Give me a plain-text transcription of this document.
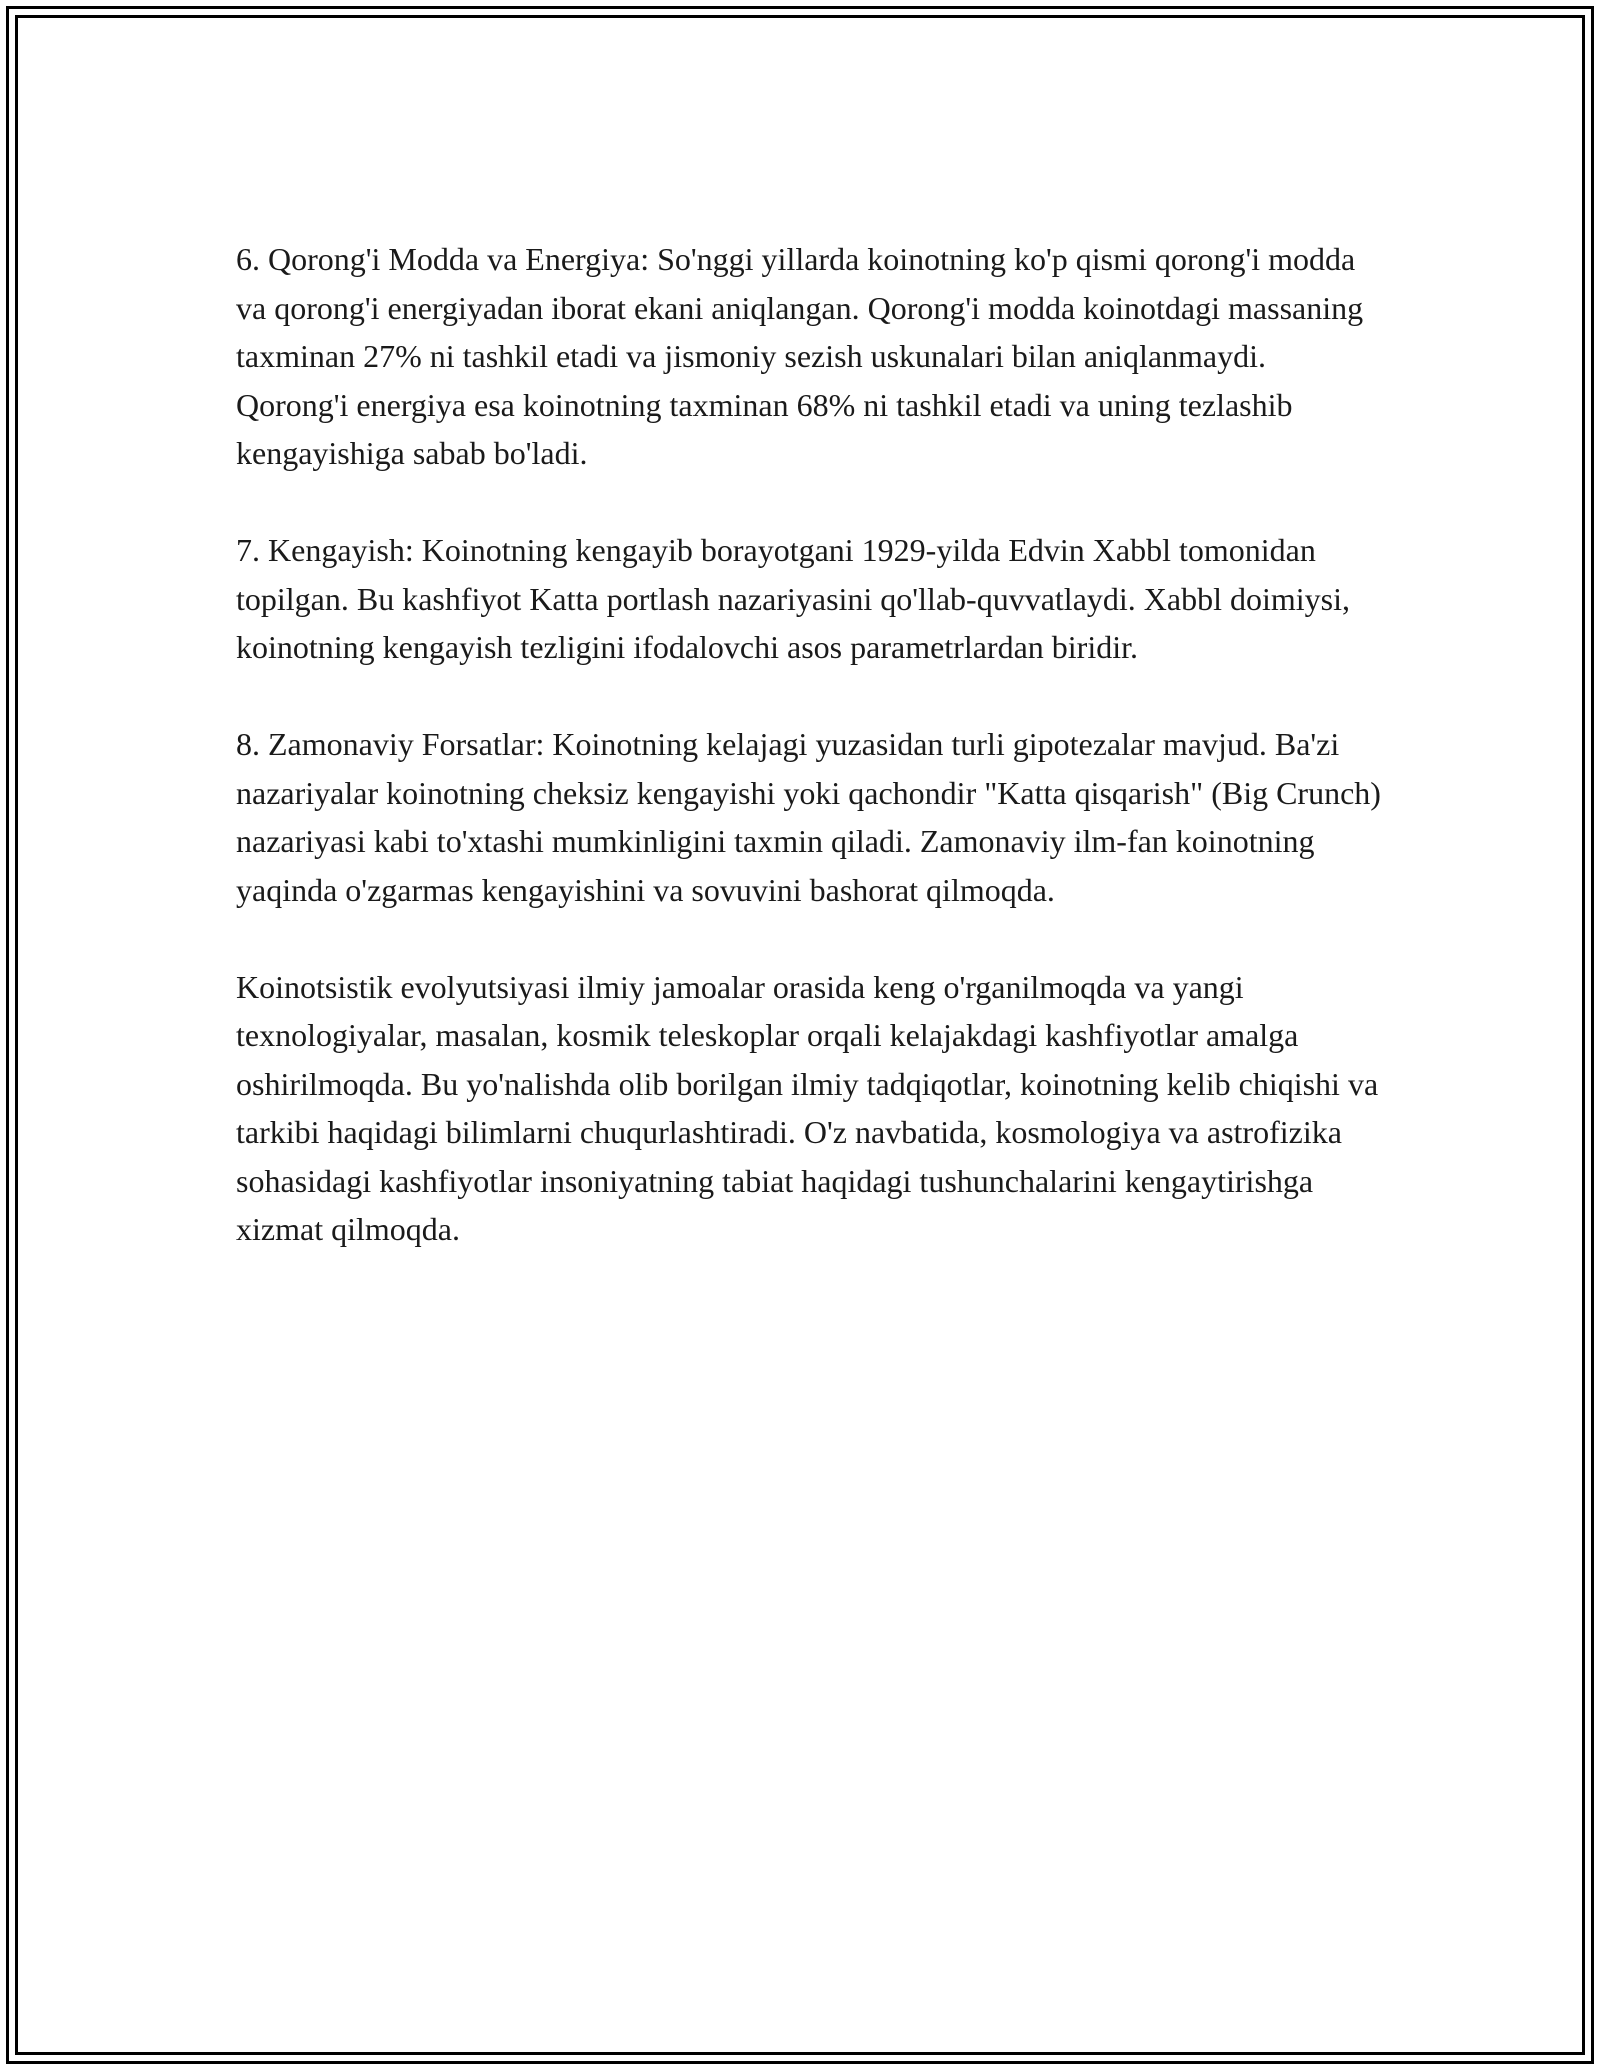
6. Qorong'i Modda va Energiya: So'nggi yillarda koinotning ko'p qismi qorong'i modda va qorong'i energiyadan iborat ekani aniqlangan. Qorong'i modda koinotdagi massaning taxminan 27% ni tashkil etadi va jismoniy sezish uskunalari bilan aniqlanmaydi. Qorong'i energiya esa koinotning taxminan 68% ni tashkil etadi va uning tezlashib kengayishiga sabab bo'ladi.

7. Kengayish: Koinotning kengayib borayotgani 1929-yilda Edvin Xabbl tomonidan topilgan. Bu kashfiyot Katta portlash nazariyasini qo'llab-quvvatlaydi. Xabbl doimiysi, koinotning kengayish tezligini ifodalovchi asos parametrlardan biridir.

8. Zamonaviy Forsatlar: Koinotning kelajagi yuzasidan turli gipotezalar mavjud. Ba'zi nazariyalar koinotning cheksiz kengayishi yoki qachondir "Katta qisqarish" (Big Crunch) nazariyasi kabi to'xtashi mumkinligini taxmin qiladi. Zamonaviy ilm-fan koinotning yaqinda o'zgarmas kengayishini va sovuvini bashorat qilmoqda.

Koinotsistik evolyutsiyasi ilmiy jamoalar orasida keng o'rganilmoqda va yangi texnologiyalar, masalan, kosmik teleskoplar orqali kelajakdagi kashfiyotlar amalga oshirilmoqda. Bu yo'nalishda olib borilgan ilmiy tadqiqotlar, koinotning kelib chiqishi va tarkibi haqidagi bilimlarni chuqurlashtiradi. O'z navbatida, kosmologiya va astrofizika sohasidagi kashfiyotlar insoniyatning tabiat haqidagi tushunchalarini kengaytirishga xizmat qilmoqda.
